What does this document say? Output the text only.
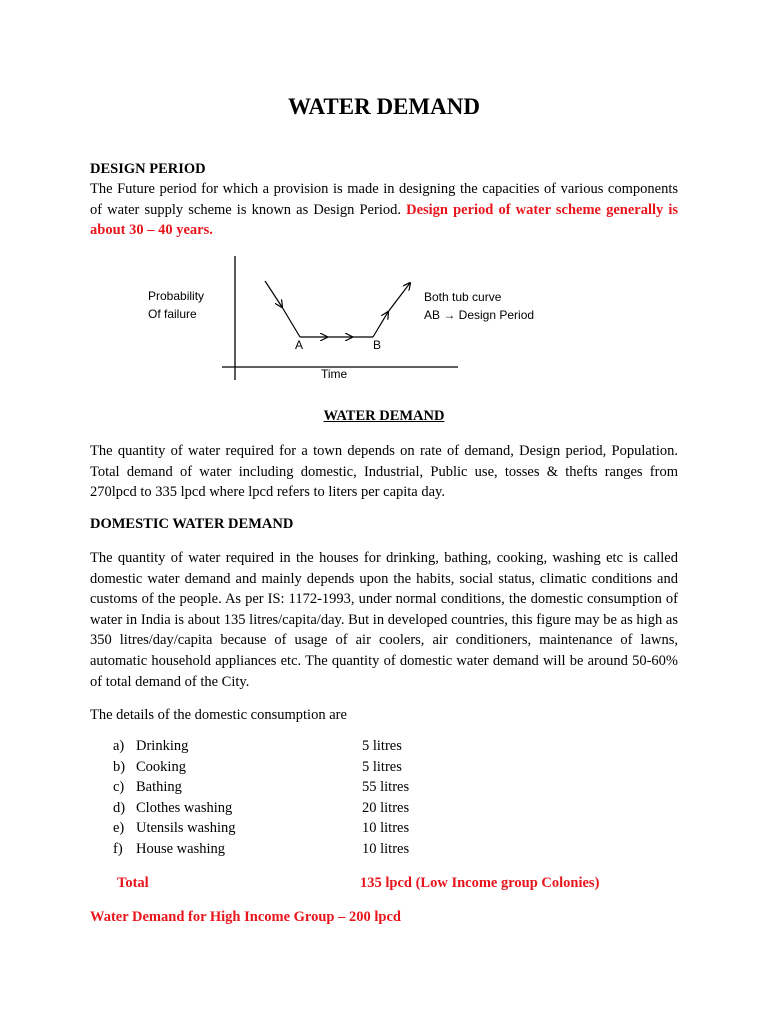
WATER DEMAND
DESIGN PERIOD

The Future period for which a provision is made in designing the capacities of various components of water supply scheme is known as Design Period. Design period of water scheme generally is about 30 – 40 years.

Probability
Of failure
A	B
Time
Both tub curve
AB → Design Period
WATER DEMAND

The quantity of water required for a town depends on rate of demand, Design period, Population. Total demand of water including domestic, Industrial, Public use, tosses & thefts ranges from 270lpcd to 335 lpcd where lpcd refers to liters per capita day.

DOMESTIC WATER DEMAND

The quantity of water required in the houses for drinking, bathing, cooking, washing etc is called domestic water demand and mainly depends upon the habits, social status, climatic conditions and customs of the people. As per IS: 1172-1993, under normal conditions, the domestic consumption of water in India is about 135 litres/capita/day. But in developed countries, this figure may be as high as 350 litres/day/capita because of usage of air coolers, air conditioners, maintenance of lawns, automatic household appliances etc. The quantity of domestic water demand will be around 50-60% of total demand of the City.

The details of the domestic consumption are

a) Drinking	5 litres
b) Cooking	5 litres
c) Bathing	55 litres
d) Clothes washing	20 litres
e) Utensils washing	10 litres
f) House washing	10 litres
Total	135 lpcd (Low Income group Colonies)

Water Demand for High Income Group – 200 lpcd
